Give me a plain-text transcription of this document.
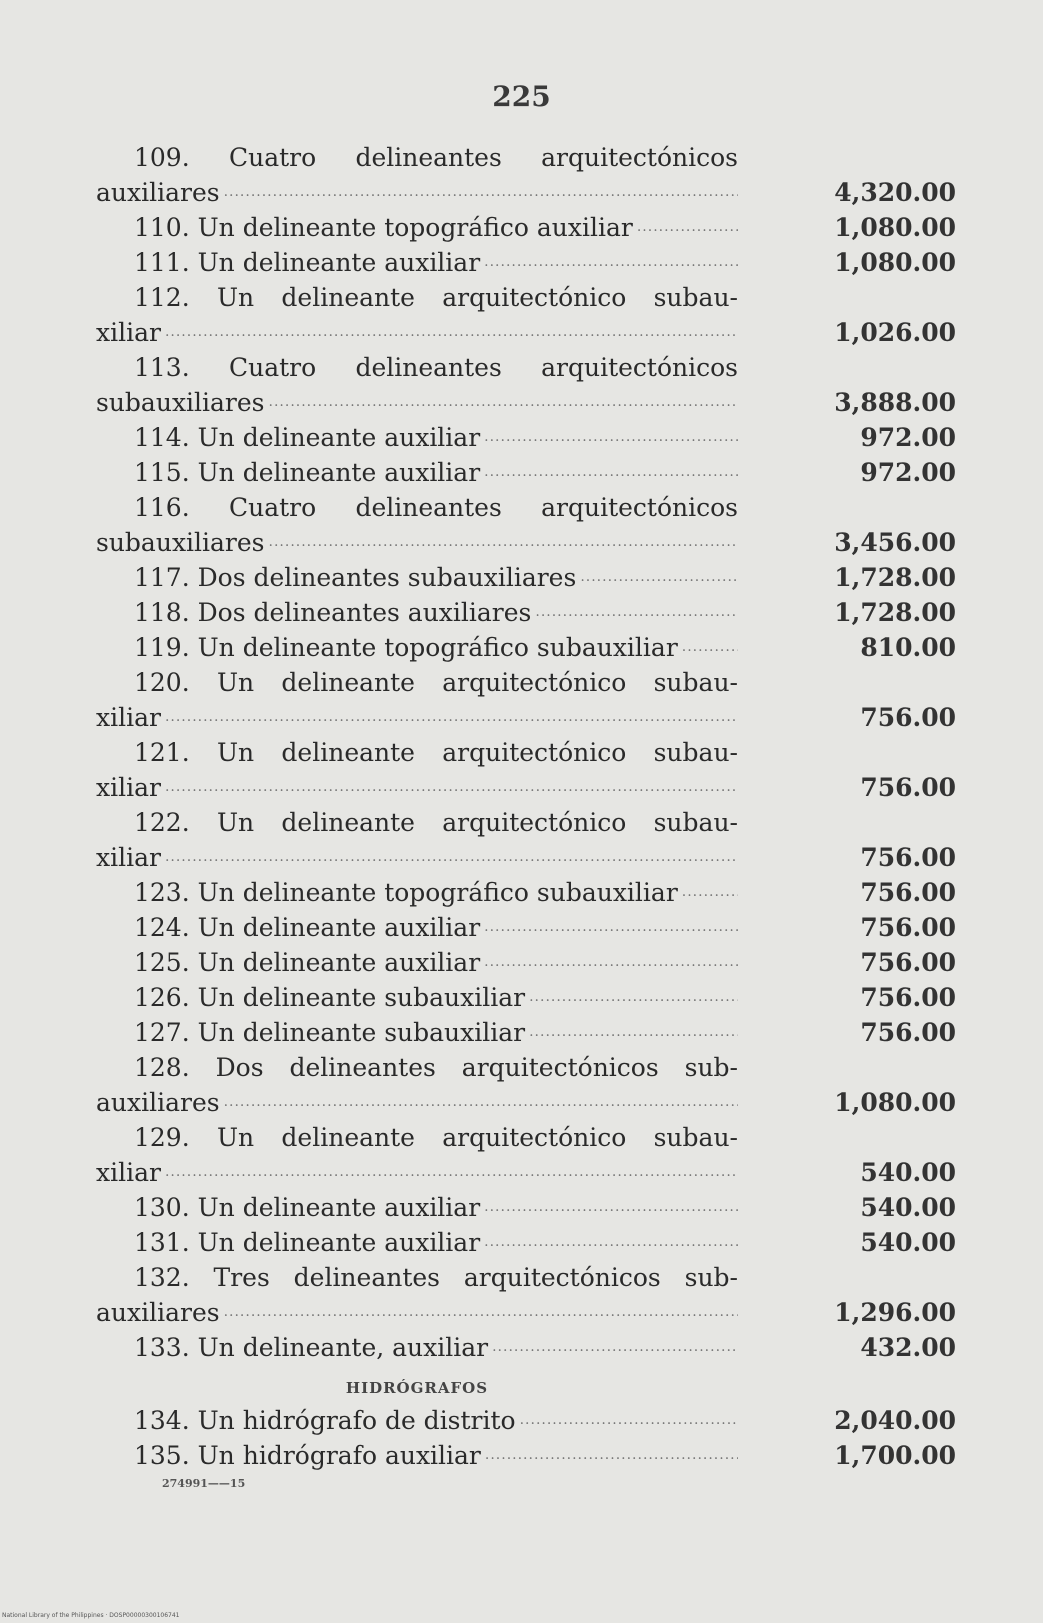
225
109. Cuatro delineantes arquitectónicos
auxiliares .....	4,320.00
110. Un delineante topográfico auxiliar .....	1,080.00
111. Un delineante auxiliar .....	1,080.00
112. Un delineante arquitectónico subau-
xiliar .....	1,026.00
113. Cuatro delineantes arquitectónicos
subauxiliares .....	3,888.00
114. Un delineante auxiliar .....	972.00
115. Un delineante auxiliar .....	972.00
116. Cuatro delineantes arquitectónicos
subauxiliares .....	3,456.00
117. Dos delineantes subauxiliares .....	1,728.00
118. Dos delineantes auxiliares .....	1,728.00
119. Un delineante topográfico subauxiliar .....	810.00
120. Un delineante arquitectónico subau-
xiliar .....	756.00
121. Un delineante arquitectónico subau-
xiliar .....	756.00
122. Un delineante arquitectónico subau-
xiliar .....	756.00
123. Un delineante topográfico subauxiliar .....	756.00
124. Un delineante auxiliar .....	756.00
125. Un delineante auxiliar .....	756.00
126. Un delineante subauxiliar .....	756.00
127. Un delineante subauxiliar .....	756.00
128. Dos delineantes arquitectónicos sub-
auxiliares .....	1,080.00
129. Un delineante arquitectónico subau-
xiliar .....	540.00
130. Un delineante auxiliar .....	540.00
131. Un delineante auxiliar .....	540.00
132. Tres delineantes arquitectónicos sub-
auxiliares .....	1,296.00
133. Un delineante, auxiliar .....	432.00
HIDRÓGRAFOS
134. Un hidrógrafo de distrito .....	2,040.00
135. Un hidrógrafo auxiliar .....	1,700.00
274991——15
National Library of the Philippines · DOSP00000300106741
